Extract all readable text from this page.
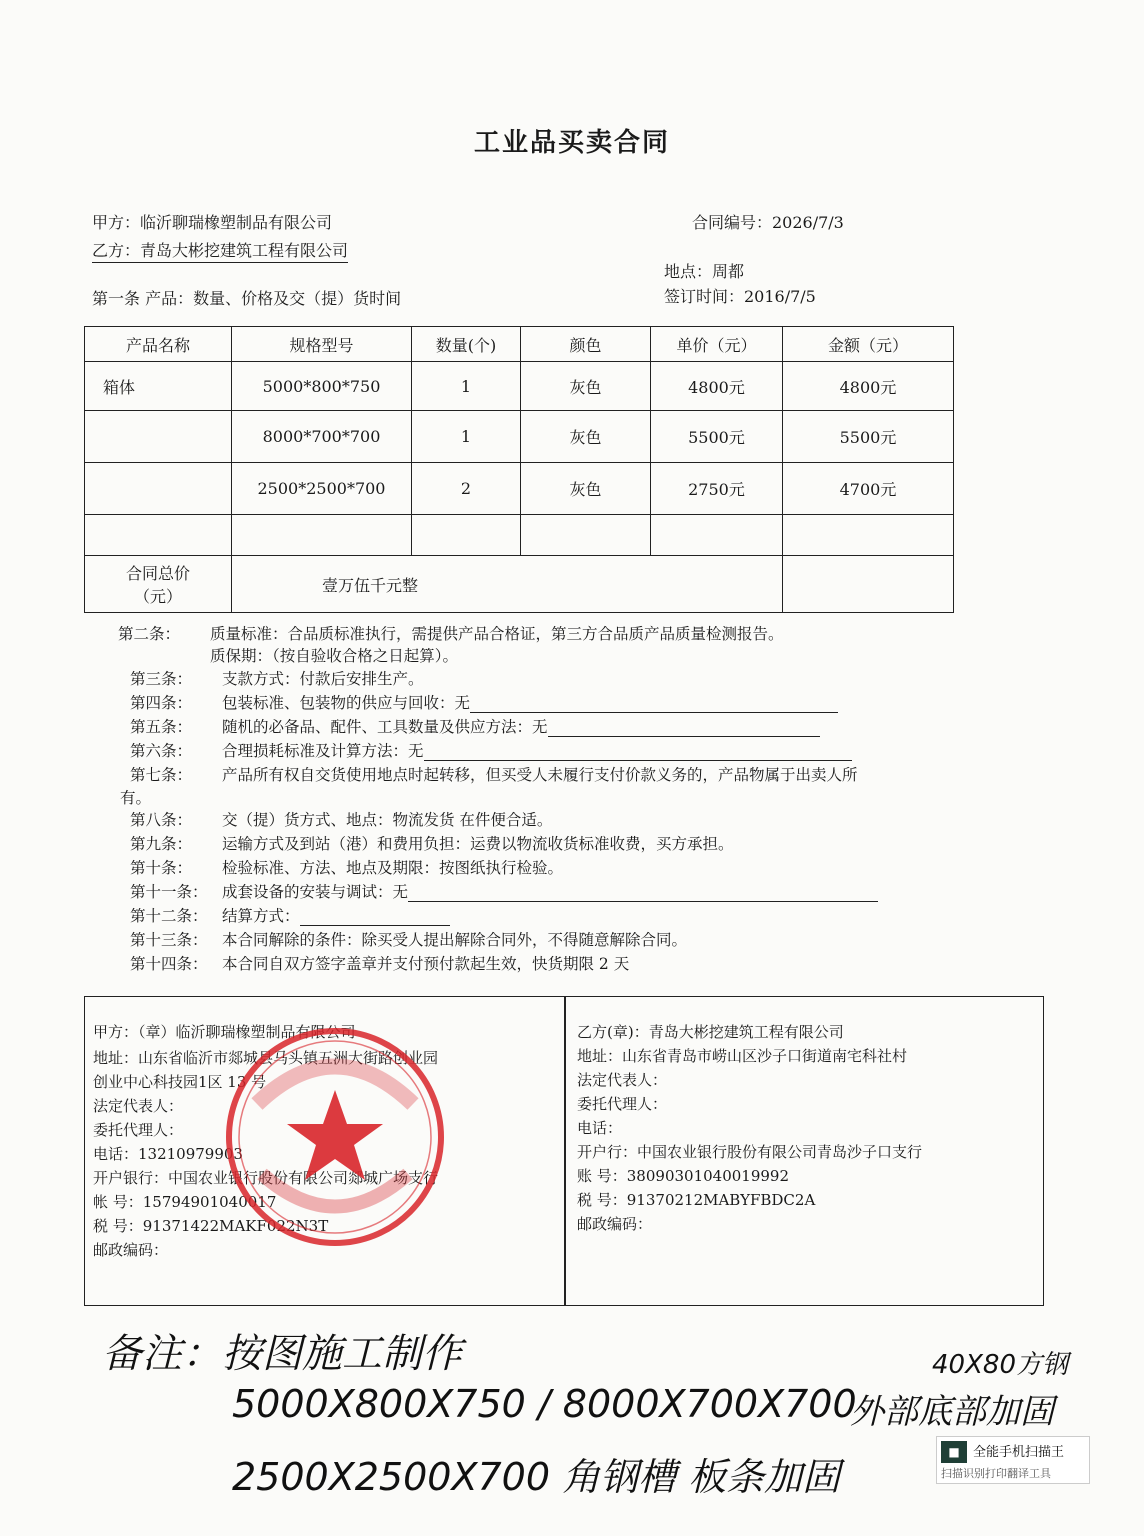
工业品买卖合同
甲方：临沂聊瑞橡塑制品有限公司
乙方：青岛大彬挖建筑工程有限公司
合同编号：2026/7/3
地点：周都
签订时间：2016/7/5
第一条 产品：数量、价格及交（提）货时间
产品名称	规格型号	数量(个)	颜色	单价（元）	金额（元）
箱体	5000*800*750	1	灰色	4800元	4800元
	8000*700*700	1	灰色	5500元	5500元
	2500*2500*700	2	灰色	2750元	4700元

合同总价
（元）	壹万伍千元整				
第二条： 质量标准：合品质标准执行，需提供产品合格证，第三方合品质产品质量检测报告。
质保期：（按自验收合格之日起算）。
第三条： 支款方式：付款后安排生产。
第四条： 包装标准、包装物的供应与回收：无
第五条： 随机的必备品、配件、工具数量及供应方法：无
第六条： 合理损耗标准及计算方法：无
第七条： 产品所有权自交货使用地点时起转移，但买受人未履行支付价款义务的，产品物属于出卖人所
有。
第八条： 交（提）货方式、地点：物流发货 在件便合适。
第九条： 运输方式及到站（港）和费用负担：运费以物流收货标准收费，买方承担。
第十条： 检验标准、方法、地点及期限：按图纸执行检验。
第十一条： 成套设备的安装与调试：无
第十二条： 结算方式：
第十三条： 本合同解除的条件：除买受人提出解除合同外，不得随意解除合同。
第十四条： 本合同自双方签字盖章并支付预付款起生效，快货期限 2 天
甲方：（章）临沂聊瑞橡塑制品有限公司
地址：山东省临沂市郯城县马头镇五洲大街路创业园
创业中心科技园1区 13 号
法定代表人：
委托代理人：
电话：13210979903
开户银行：中国农业银行股份有限公司郯城广场支行
帐 号：15794901040017
税 号：91371422MAKF022N3T
邮政编码：
乙方(章)：青岛大彬挖建筑工程有限公司
地址：山东省青岛市崂山区沙子口街道南宅科社村
法定代表人：
委托代理人：
电话：
开户行：中国农业银行股份有限公司青岛沙子口支行
账 号：38090301040019992
税 号：91370212MABYFBDC2A
邮政编码：
备注：按图施工制作	40X80方钢
5000X800X750 / 8000X700X700
外部底部加固
2500X2500X700 角钢槽 板条加固
■	全能手机扫描王
扫描识别打印翻译工具
